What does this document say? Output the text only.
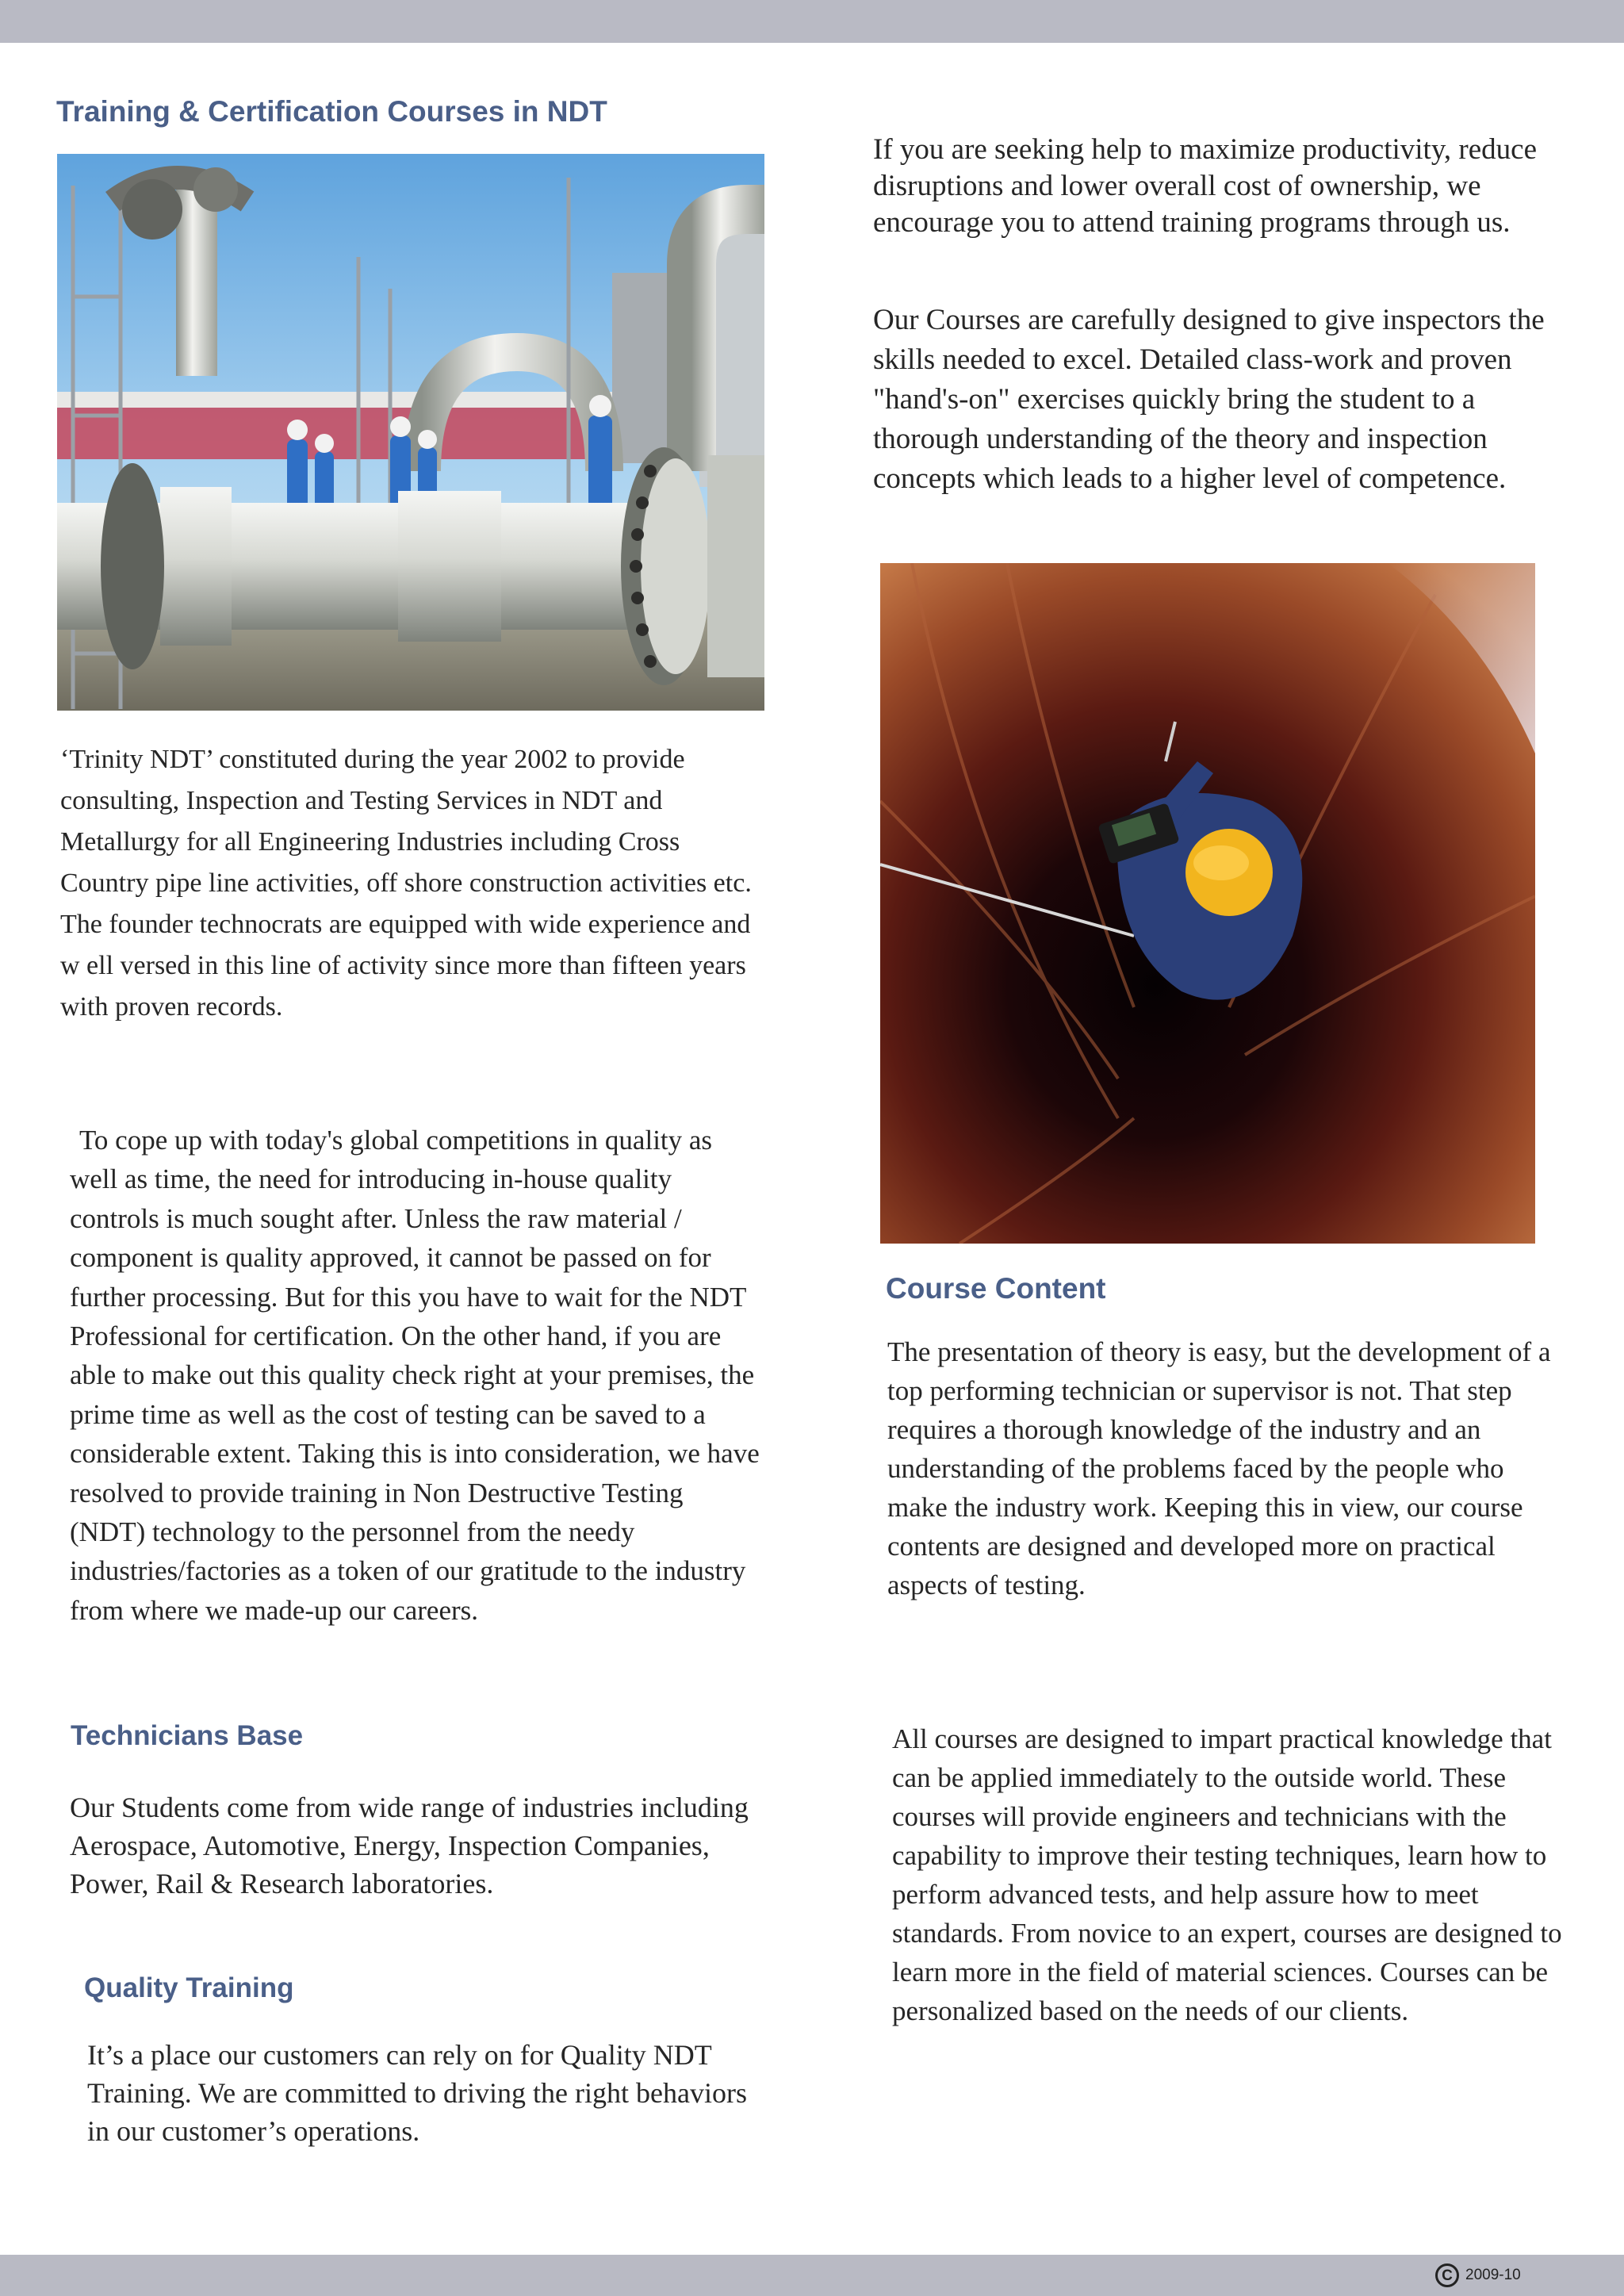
Training & Certification Courses in NDT

‘Trinity NDT’ constituted during the year 2002 to provide consulting, Inspection and Testing Services in NDT and Metallurgy for all Engineering Industries including Cross Country pipe line activities, off shore construction activities etc. The founder technocrats are equipped with wide experience and w ell versed in this line of activity since more than fifteen years with proven records.

To cope up with today's global competitions in quality as well as time, the need for introducing in-house quality controls is much sought after. Unless the raw material / component is quality approved, it cannot be passed on for further processing. But for this you have to wait for the NDT Professional for certification. On the other hand, if you are able to make out this quality check right at your premises, the prime time as well as the cost of testing can be saved to a considerable extent. Taking this is into consideration, we have resolved to provide training in Non Destructive Testing (NDT) technology to the personnel from the needy industries/factories as a token of our gratitude to the industry from where we made-up our careers.

Technicians Base

Our Students come from wide range of industries including Aerospace, Automotive, Energy, Inspection Companies, Power, Rail & Research laboratories.

Quality Training

It’s a place our customers can rely on for Quality NDT Training. We are committed to driving the right behaviors in our customer’s operations.

If you are seeking help to maximize productivity, reduce disruptions and lower overall cost of ownership, we encourage you to attend training programs through us.

Our Courses are carefully designed to give inspectors the skills needed to excel. Detailed class-work and proven "hand's-on" exercises quickly bring the student to a thorough understanding of the theory and inspection concepts which leads to a higher level of competence.

Course Content

The presentation of theory is easy, but the development of a top performing technician or supervisor is not. That step requires a thorough knowledge of the industry and an understanding of the problems faced by the people who make the industry work. Keeping this in view, our course contents are designed and developed more on practical aspects of testing.

All courses are designed to impart practical knowledge that can be applied immediately to the outside world. These courses will provide engineers and technicians with the capability to improve their testing techniques, learn how to perform advanced tests, and help assure how to meet standards. From novice to an expert, courses are designed to learn more in the field of material sciences. Courses can be personalized based on the needs of our clients.

C 2009-10
